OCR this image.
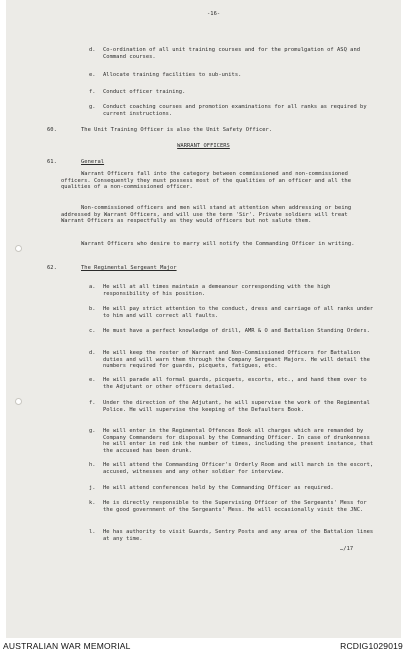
-16-
d.	Co-ordination of all unit training courses and for the promulgation of ASQ and Command courses.
e.	Allocate training facilities to sub-units.
f.	Conduct officer training.
g.	Conduct coaching courses and promotion examinations for all ranks as required by current instructions.
60.	The Unit Training Officer is also the Unit Safety Officer.
WARRANT OFFICERS
61.	General
Warrant Officers fall into the category between commissioned and non-commissioned officers. Consequently they must possess most of the qualities of an officer and all the qualities of a non-commissioned officer.
Non-commissioned officers and men will stand at attention when addressing or being addressed by Warrant Officers, and will use the term 'Sir'. Private soldiers will treat Warrant Officers as respectfully as they would officers but not salute them.
Warrant Officers who desire to marry will notify the Commanding Officer in writing.
62.	The Regimental Sergeant Major
a.	He will at all times maintain a demeanour corresponding with the high responsibility of his position.
b.	He will pay strict attention to the conduct, dress and carriage of all ranks under to him and will correct all faults.
c.	He must have a perfect knowledge of drill, AMR & O and Battalion Standing Orders.
d.	He will keep the roster of Warrant and Non-Commissioned Officers for Battalion duties and will warn them through the Company Sergeant Majors. He will detail the numbers required for guards, picquets, fatigues, etc.
e.	He will parade all formal guards, picquets, escorts, etc., and hand them over to the Adjutant or other officers detailed.
f.	Under the direction of the Adjutant, he will supervise the work of the Regimental Police. He will supervise the keeping of the Defaulters Book.
g.	He will enter in the Regimental Offences Book all charges which are remanded by Company Commanders for disposal by the Commanding Officer. In case of drunkenness he will enter in red ink the number of times, including the present instance, that the accused has been drunk.
h.	He will attend the Commanding Officer's Orderly Room and will march in the escort, accused, witnesses and any other soldier for interview.
j.	He will attend conferences held by the Commanding Officer as required.
k.	He is directly responsible to the Supervising Officer of the Sergeants' Mess for the good government of the Sergeants' Mess. He will occasionally visit the JNC.
l.	He has authority to visit Guards, Sentry Posts and any area of the Battalion lines at any time.
…/17
AUSTRALIAN WAR MEMORIAL	RCDIG1029019
